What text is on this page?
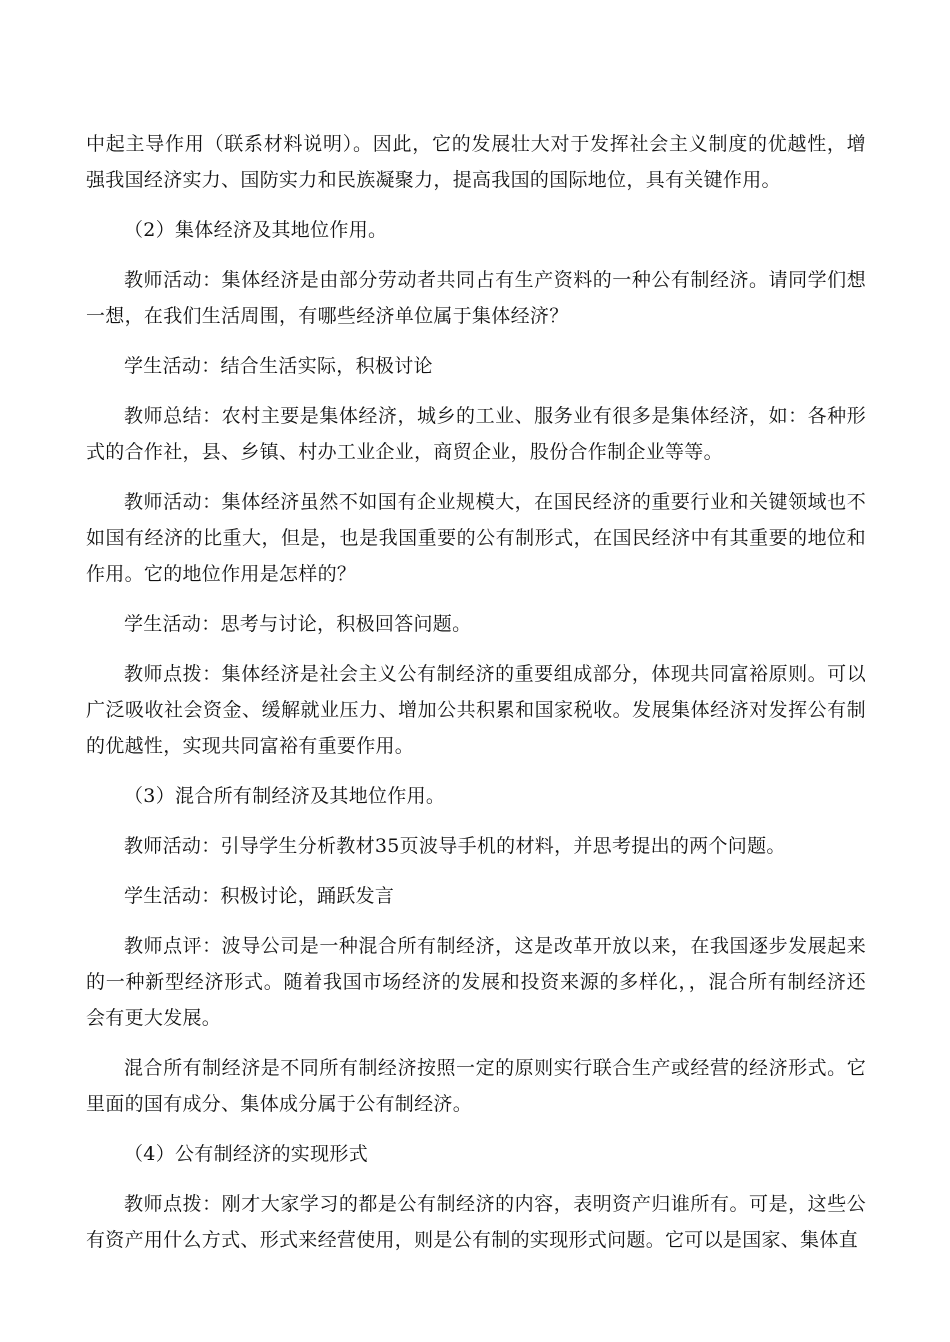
中起主导作用（联系材料说明）。因此，它的发展壮大对于发挥社会主义制度的优越性，增强我国经济实力、国防实力和民族凝聚力，提高我国的国际地位，具有关键作用。

（2）集体经济及其地位作用。

教师活动：集体经济是由部分劳动者共同占有生产资料的一种公有制经济。请同学们想一想，在我们生活周围，有哪些经济单位属于集体经济？

学生活动：结合生活实际，积极讨论

教师总结：农村主要是集体经济，城乡的工业、服务业有很多是集体经济，如：各种形式的合作社，县、乡镇、村办工业企业，商贸企业，股份合作制企业等等。

教师活动：集体经济虽然不如国有企业规模大，在国民经济的重要行业和关键领域也不如国有经济的比重大，但是，也是我国重要的公有制形式，在国民经济中有其重要的地位和作用。它的地位作用是怎样的？

学生活动：思考与讨论，积极回答问题。

教师点拨：集体经济是社会主义公有制经济的重要组成部分，体现共同富裕原则。可以广泛吸收社会资金、缓解就业压力、增加公共积累和国家税收。发展集体经济对发挥公有制的优越性，实现共同富裕有重要作用。

（3）混合所有制经济及其地位作用。

教师活动：引导学生分析教材35页波导手机的材料，并思考提出的两个问题。

学生活动：积极讨论，踊跃发言

教师点评：波导公司是一种混合所有制经济，这是改革开放以来，在我国逐步发展起来的一种新型经济形式。随着我国市场经济的发展和投资来源的多样化，，混合所有制经济还会有更大发展。

混合所有制经济是不同所有制经济按照一定的原则实行联合生产或经营的经济形式。它里面的国有成分、集体成分属于公有制经济。

（4）公有制经济的实现形式

教师点拨：刚才大家学习的都是公有制经济的内容，表明资产归谁所有。可是，这些公有资产用什么方式、形式来经营使用，则是公有制的实现形式问题。它可以是国家、集体直
